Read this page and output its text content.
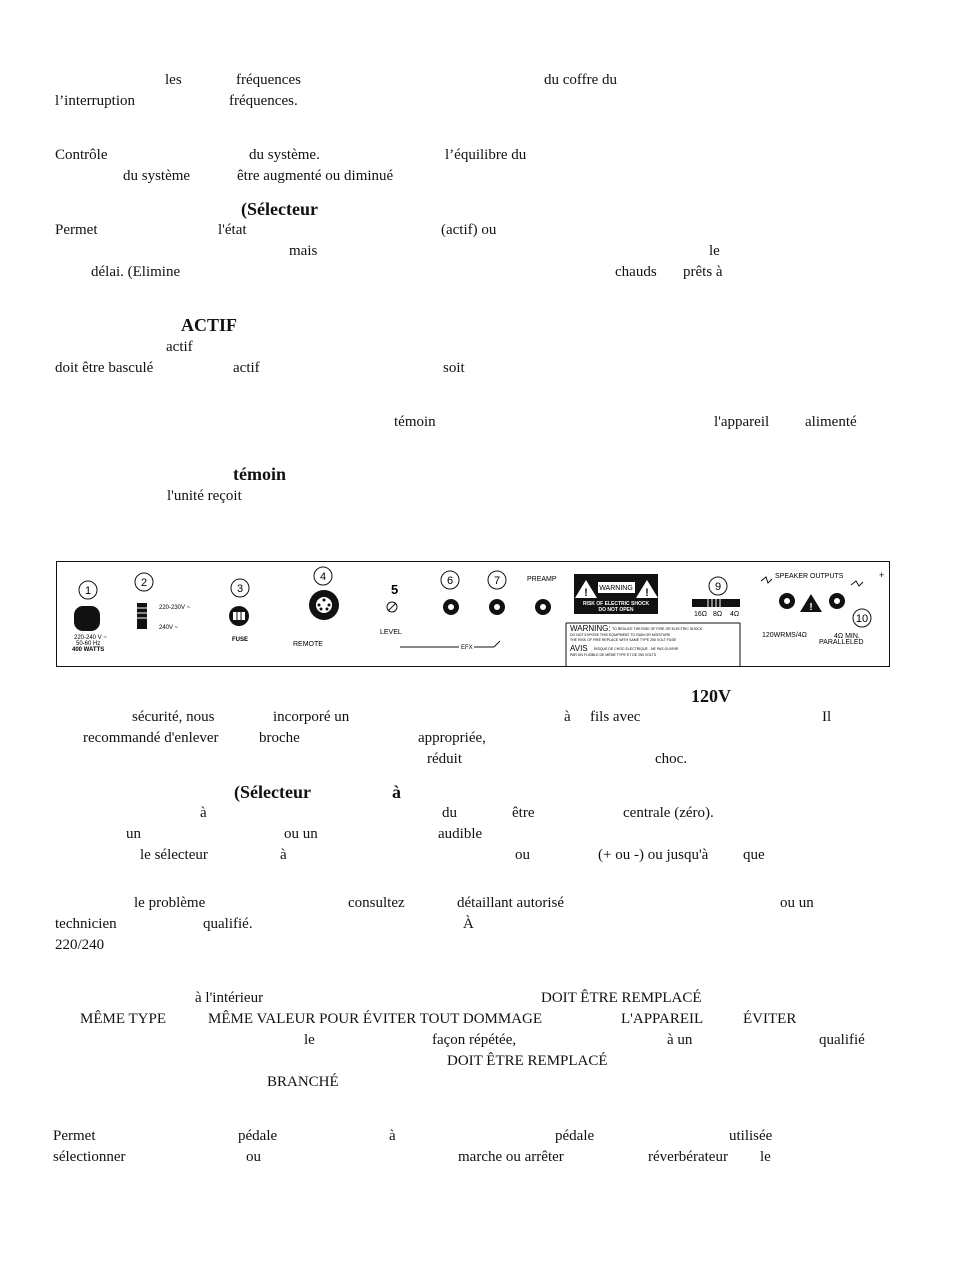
les	fréquences	du coffre du
l’interruption	fréquences.
Contrôle	du système.	l’équilibre du
du système	être augmenté ou diminué
(Sélecteur
Permet	l'état	(actif) ou
mais	le
délai. (Elimine	chauds prêts à
ACTIF
actif
doit être basculé	actif	soit
témoin	l'appareil alimenté
témoin
l'unité reçoit
1
220-240 V ~
50-60 Hz
400 WATTS
2
220-230V ~
240V ~
3
FUSE
4
REMOTE
5
LEVEL
6	7
EFX
PREAMP
!	!
WARNING
RISK OF ELECTRIC SHOCK
DO NOT OPEN
WARNING: TO REDUCE THE RISK OF FIRE OR ELECTRIC SHOCK
DO NOT EXPOSE THIS EQUIPMENT TO RAIN OR MOISTURE
THE RISK OF FIRE REPLACE WITH SAME TYPE 250 VOLT FUSE
AVIS RISQUE DE CHOC ELECTRIQUE - NE PAS OUVRIR
PAR UN FUSIBLE DE MÊME TYPE ET DE 250 VOLTS
9
16Ω 8Ω 4Ω
SPEAKER OUTPUTS	+
!
120WRMS/4Ω	4Ω MIN.
PARALLELED
10
120V
sécurité, nous	incorporé un	à fils avec	Il
recommandé d'enlever	broche	appropriée,
réduit	choc.
(Sélecteur	à
à	du	être	centrale (zéro).
un	ou un	audible
le sélecteur	à	ou	(+ ou -) ou jusqu'à que
le problème	consultez	détaillant autorisé	ou un
technicien	qualifié.	À
220/240
à l'intérieur	DOIT ÊTRE REMPLACÉ
MÊME TYPE	MÊME VALEUR POUR ÉVITER TOUT DOMMAGE	L'APPAREIL	ÉVITER
le	façon répétée,	à un	qualifié
DOIT ÊTRE REMPLACÉ
BRANCHÉ
Permet	pédale	à	pédale	utilisée
sélectionner	ou	marche ou arrêter	réverbérateur le
